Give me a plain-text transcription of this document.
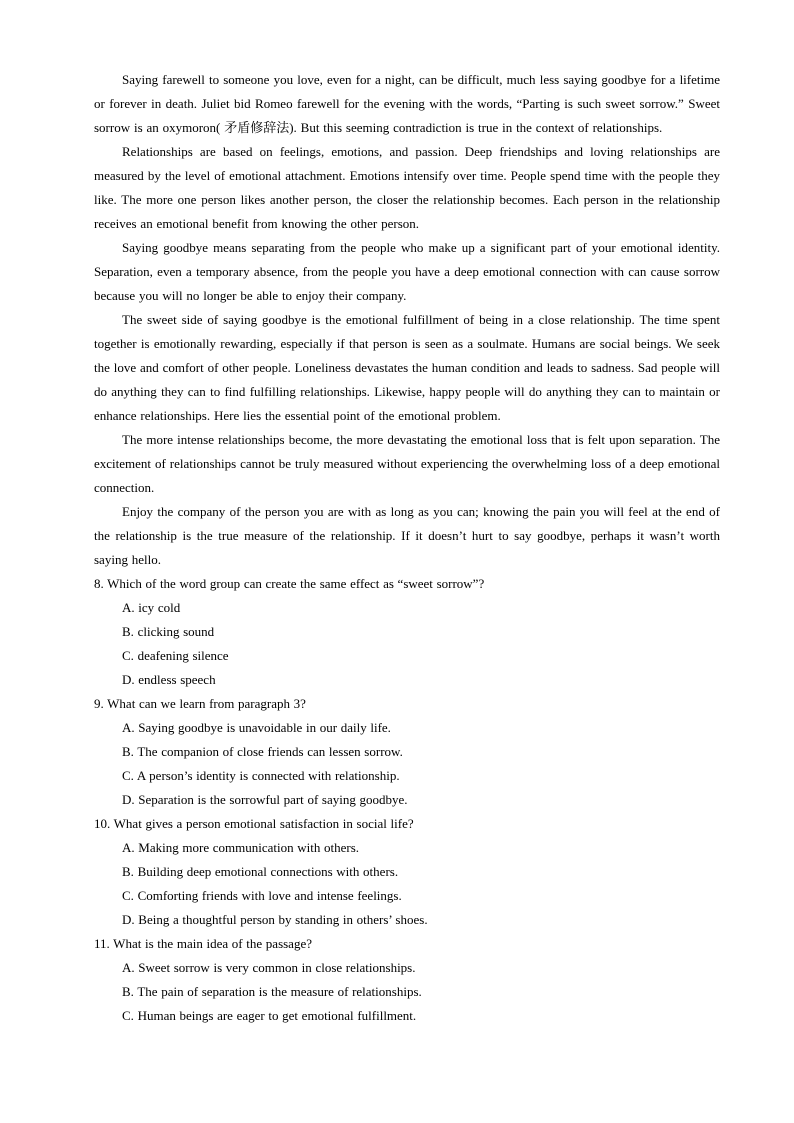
Saying farewell to someone you love, even for a night, can be difficult, much less saying goodbye for a lifetime or forever in death. Juliet bid Romeo farewell for the evening with the words, “Parting is such sweet sorrow.” Sweet sorrow is an oxymoron( 矛盾修辞法). But this seeming contradiction is true in the context of relationships.

Relationships are based on feelings, emotions, and passion. Deep friendships and loving relationships are measured by the level of emotional attachment. Emotions intensify over time. People spend time with the people they like. The more one person likes another person, the closer the relationship becomes. Each person in the relationship receives an emotional benefit from knowing the other person.

Saying goodbye means separating from the people who make up a significant part of your emotional identity. Separation, even a temporary absence, from the people you have a deep emotional connection with can cause sorrow because you will no longer be able to enjoy their company.

The sweet side of saying goodbye is the emotional fulfillment of being in a close relationship. The time spent together is emotionally rewarding, especially if that person is seen as a soulmate. Humans are social beings. We seek the love and comfort of other people. Loneliness devastates the human condition and leads to sadness. Sad people will do anything they can to find fulfilling relationships. Likewise, happy people will do anything they can to maintain or enhance relationships. Here lies the essential point of the emotional problem.

The more intense relationships become, the more devastating the emotional loss that is felt upon separation. The excitement of relationships cannot be truly measured without experiencing the overwhelming loss of a deep emotional connection.

Enjoy the company of the person you are with as long as you can; knowing the pain you will feel at the end of the relationship is the true measure of the relationship. If it doesn’t hurt to say goodbye, perhaps it wasn’t worth saying hello.

8. Which of the word group can create the same effect as “sweet sorrow”?
A. icy cold
B. clicking sound
C. deafening silence
D. endless speech
9. What can we learn from paragraph 3?
A. Saying goodbye is unavoidable in our daily life.
B. The companion of close friends can lessen sorrow.
C. A person’s identity is connected with relationship.
D. Separation is the sorrowful part of saying goodbye.
10. What gives a person emotional satisfaction in social life?
A. Making more communication with others.
B. Building deep emotional connections with others.
C. Comforting friends with love and intense feelings.
D. Being a thoughtful person by standing in others’ shoes.
11. What is the main idea of the passage?
A. Sweet sorrow is very common in close relationships.
B. The pain of separation is the measure of relationships.
C. Human beings are eager to get emotional fulfillment.
